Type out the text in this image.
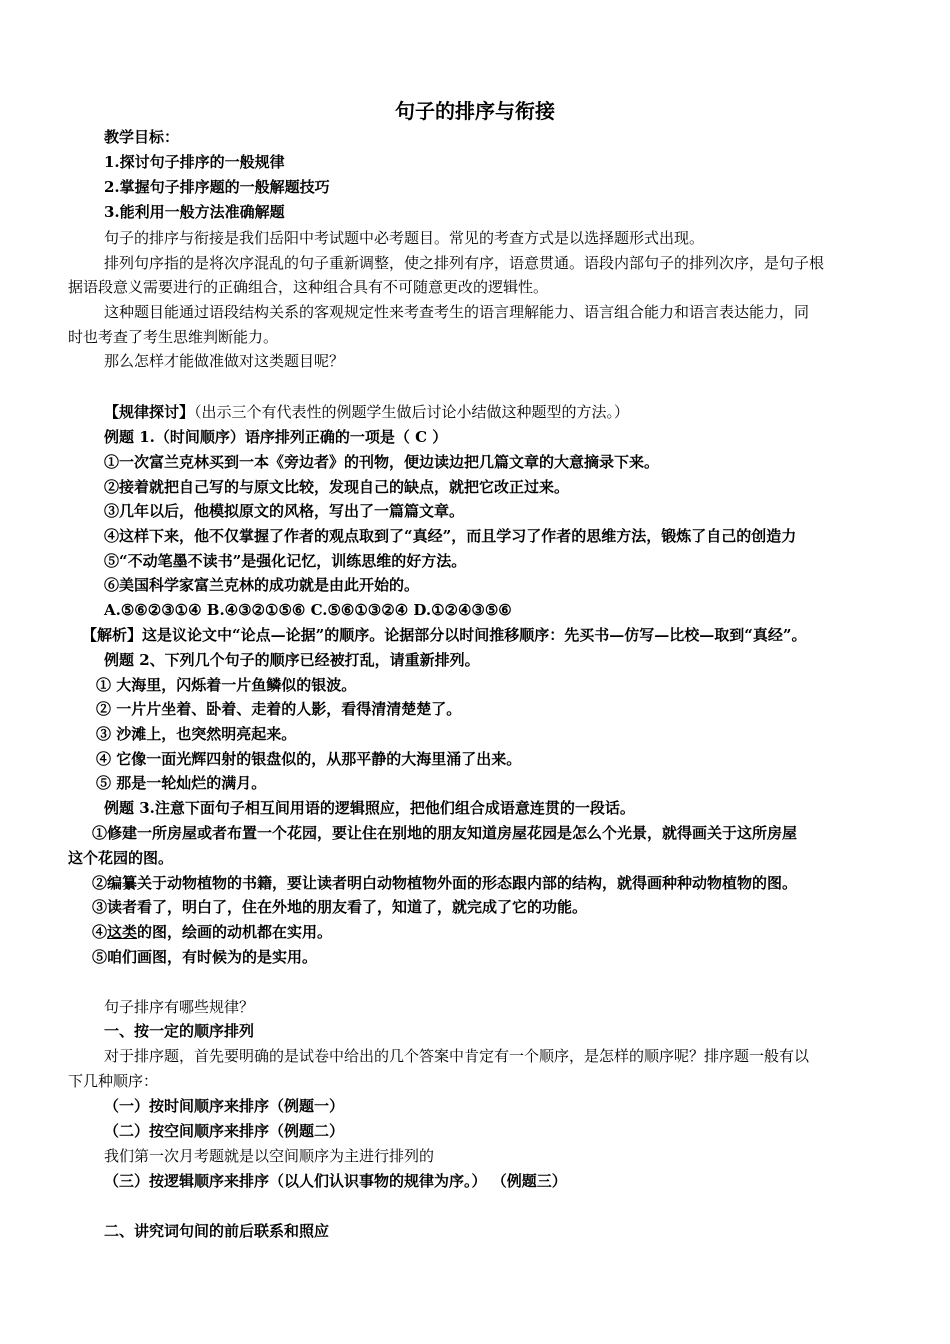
句子的排序与衔接
教学目标：
1.探讨句子排序的一般规律
2.掌握句子排序题的一般解题技巧
3.能利用一般方法准确解题
句子的排序与衔接是我们岳阳中考试题中必考题目。常见的考查方式是以选择题形式出现。
排列句序指的是将次序混乱的句子重新调整，使之排列有序，语意贯通。语段内部句子的排列次序，是句子根
据语段意义需要进行的正确组合，这种组合具有不可随意更改的逻辑性。
这种题目能通过语段结构关系的客观规定性来考查考生的语言理解能力、语言组合能力和语言表达能力，同
时也考查了考生思维判断能力。
那么怎样才能做准做对这类题目呢？
【规律探讨】（出示三个有代表性的例题学生做后讨论小结做这种题型的方法。）
例题 1.（时间顺序）语序排列正确的一项是（ C ）
①一次富兰克林买到一本《旁边者》的刊物，便边读边把几篇文章的大意摘录下来。
②接着就把自己写的与原文比较，发现自己的缺点，就把它改正过来。
③几年以后，他模拟原文的风格，写出了一篇篇文章。
④这样下来，他不仅掌握了作者的观点取到了“真经”，而且学习了作者的思维方法，锻炼了自己的创造力
⑤“不动笔墨不读书”是强化记忆，训练思维的好方法。
⑥美国科学家富兰克林的成功就是由此开始的。
A.⑤⑥②③①④ B.④③②①⑤⑥ C.⑤⑥①③②④ D.①②④③⑤⑥
【解析】这是议论文中“论点—论据”的顺序。论据部分以时间推移顺序：先买书—仿写—比校—取到“真经”。
例题 2、下列几个句子的顺序已经被打乱，请重新排列。
① 大海里，闪烁着一片鱼鳞似的银波。
② 一片片坐着、卧着、走着的人影，看得清清楚楚了。
③ 沙滩上，也突然明亮起来。
④ 它像一面光辉四射的银盘似的，从那平静的大海里涌了出来。
⑤ 那是一轮灿烂的满月。
例题 3.注意下面句子相互间用语的逻辑照应，把他们组合成语意连贯的一段话。
①修建一所房屋或者布置一个花园，要让住在别地的朋友知道房屋花园是怎么个光景，就得画关于这所房屋
这个花园的图。
②编纂关于动物植物的书籍，要让读者明白动物植物外面的形态跟内部的结构，就得画种种动物植物的图。
③读者看了，明白了，住在外地的朋友看了，知道了，就完成了它的功能。
④这类的图，绘画的动机都在实用。
⑤咱们画图，有时候为的是实用。
句子排序有哪些规律？
一、按一定的顺序排列
对于排序题，首先要明确的是试卷中给出的几个答案中肯定有一个顺序，是怎样的顺序呢？排序题一般有以
下几种顺序：
（一）按时间顺序来排序（例题一）
（二）按空间顺序来排序（例题二）
我们第一次月考题就是以空间顺序为主进行排列的
（三）按逻辑顺序来排序（以人们认识事物的规律为序。） （例题三）
二、讲究词句间的前后联系和照应
